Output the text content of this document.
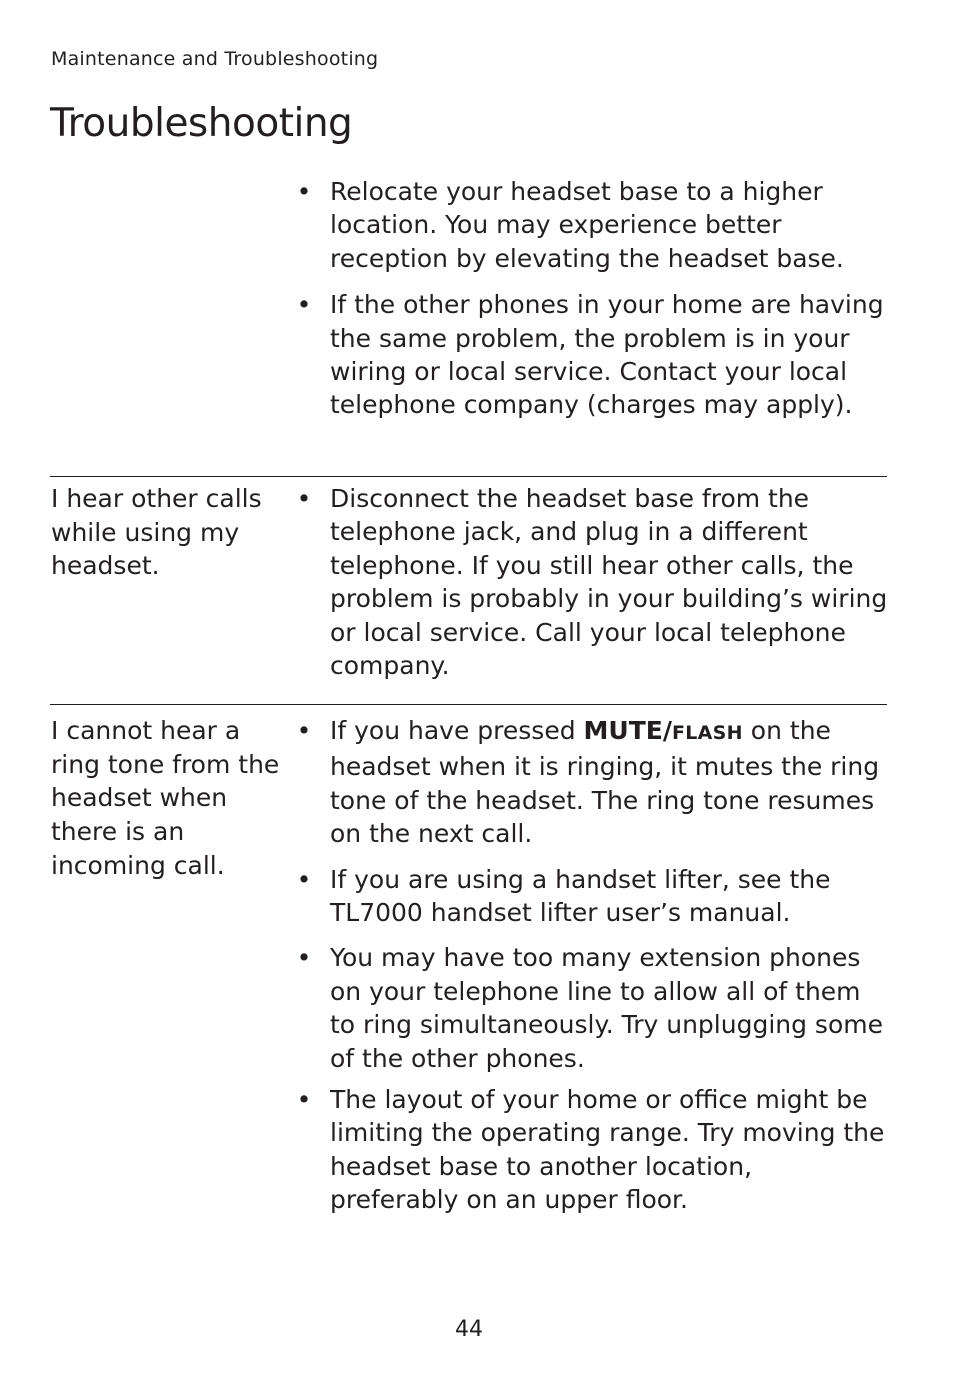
Maintenance and Troubleshooting
Troubleshooting
• Relocate your headset base to a higher location. You may experience better reception by elevating the headset base.
• If the other phones in your home are having the same problem, the problem is in your wiring or local service. Contact your local telephone company (charges may apply).
I hear other calls while using my headset.
• Disconnect the headset base from the telephone jack, and plug in a different telephone. If you still hear other calls, the problem is probably in your building’s wiring or local service. Call your local telephone company.
I cannot hear a ring tone from the headset when there is an incoming call.
• If you have pressed MUTE/FLASH on the headset when it is ringing, it mutes the ring tone of the headset. The ring tone resumes on the next call.
• If you are using a handset lifter, see the TL7000 handset lifter user’s manual.
• You may have too many extension phones on your telephone line to allow all of them to ring simultaneously. Try unplugging some of the other phones.
• The layout of your home or office might be limiting the operating range. Try moving the headset base to another location, preferably on an upper floor.
44
